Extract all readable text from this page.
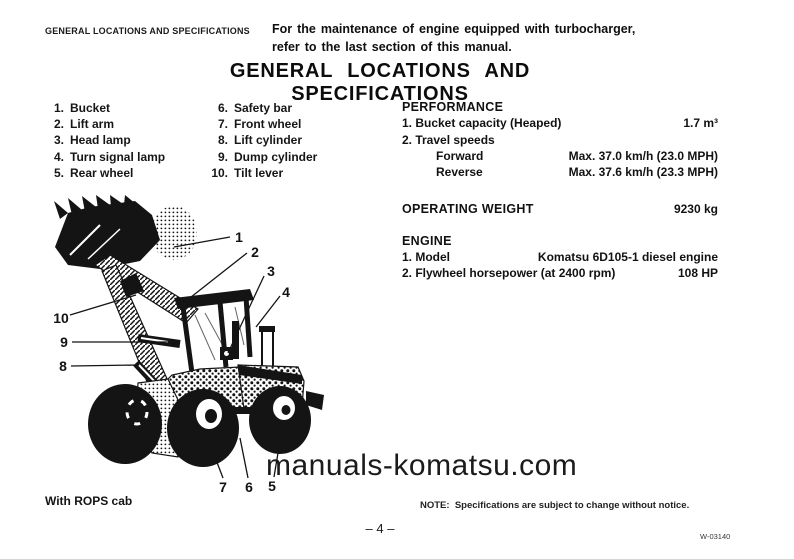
GENERAL LOCATIONS AND SPECIFICATIONS For the maintenance of engine equipped with turbocharger,
refer to the last section of this manual.
GENERAL LOCATIONS AND SPECIFICATIONS
1. Bucket
2. Lift arm
3. Head lamp
4. Turn signal lamp
5. Rear wheel
6. Safety bar
7. Front wheel
8. Lift cylinder
9. Dump cylinder
10. Tilt lever
PERFORMANCE
1. Bucket capacity (Heaped)	1.7 m³
2. Travel speeds
Forward	Max. 37.0 km/h (23.0 MPH)
Reverse	Max. 37.6 km/h (23.3 MPH)
OPERATING WEIGHT	9230 kg
ENGINE
1. Model	Komatsu 6D105-1 diesel engine
2. Flywheel horsepower (at 2400 rpm)	108 HP
1
2
3
4
5
6
7
8
9
10
manuals-komatsu.com
With ROPS cab	NOTE:  Specifications are subject to change without notice.
– 4 –
W-03140
